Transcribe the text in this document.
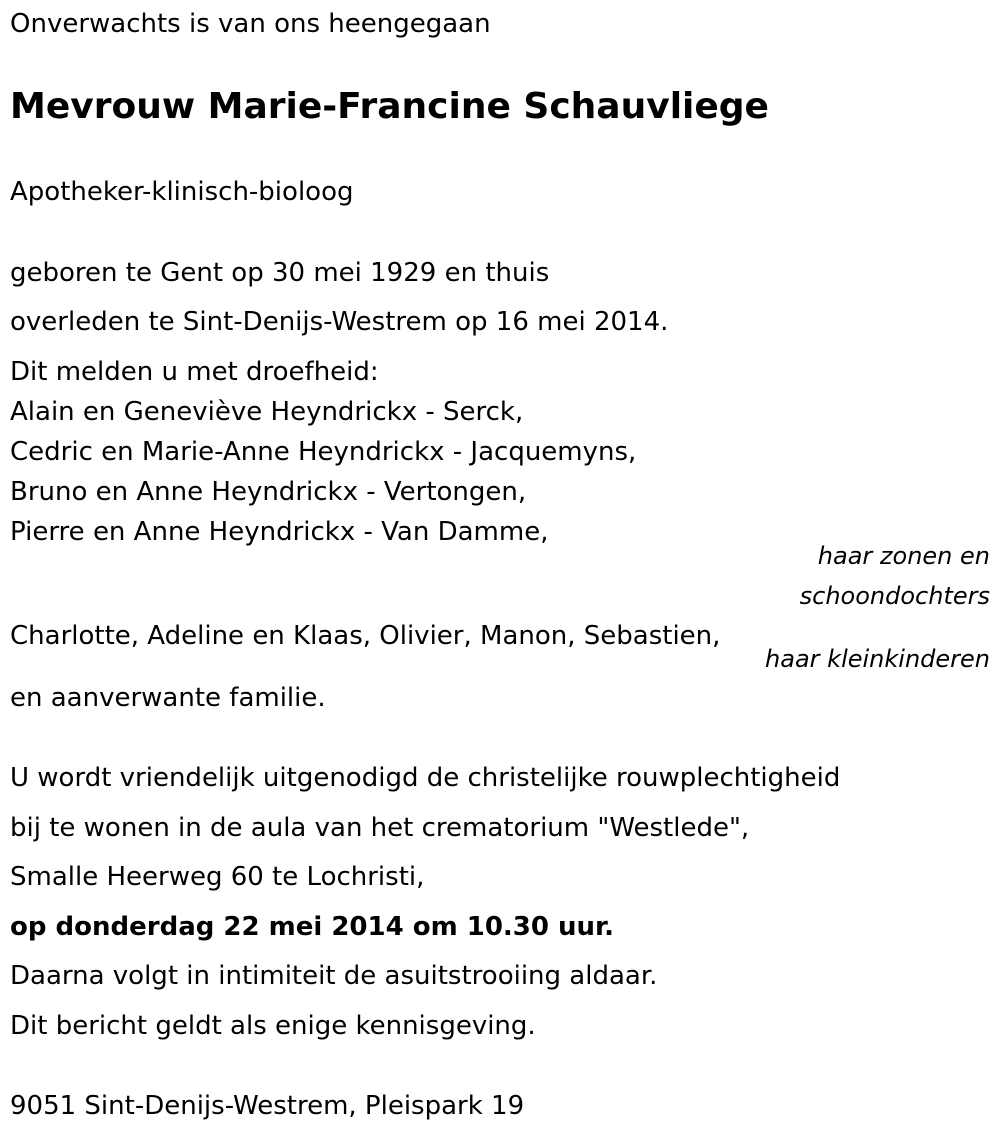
Onverwachts is van ons heengegaan

Mevrouw Marie-Francine Schauvliege

Apotheker-klinisch-bioloog

geboren te Gent op 30 mei 1929 en thuis

overleden te Sint-Denijs-Westrem op 16 mei 2014.

Dit melden u met droefheid:

Alain en Geneviève Heyndrickx - Serck,

Cedric en Marie-Anne Heyndrickx - Jacquemyns,

Bruno en Anne Heyndrickx - Vertongen,

Pierre en Anne Heyndrickx - Van Damme,

haar zonen en

schoondochters

Charlotte, Adeline en Klaas, Olivier, Manon, Sebastien,

haar kleinkinderen

en aanverwante familie.

U wordt vriendelijk uitgenodigd de christelijke rouwplechtigheid

bij te wonen in de aula van het crematorium "Westlede",

Smalle Heerweg 60 te Lochristi,

op donderdag 22 mei 2014 om 10.30 uur.

Daarna volgt in intimiteit de asuitstrooiing aldaar.

Dit bericht geldt als enige kennisgeving.

9051 Sint-Denijs-Westrem, Pleispark 19
